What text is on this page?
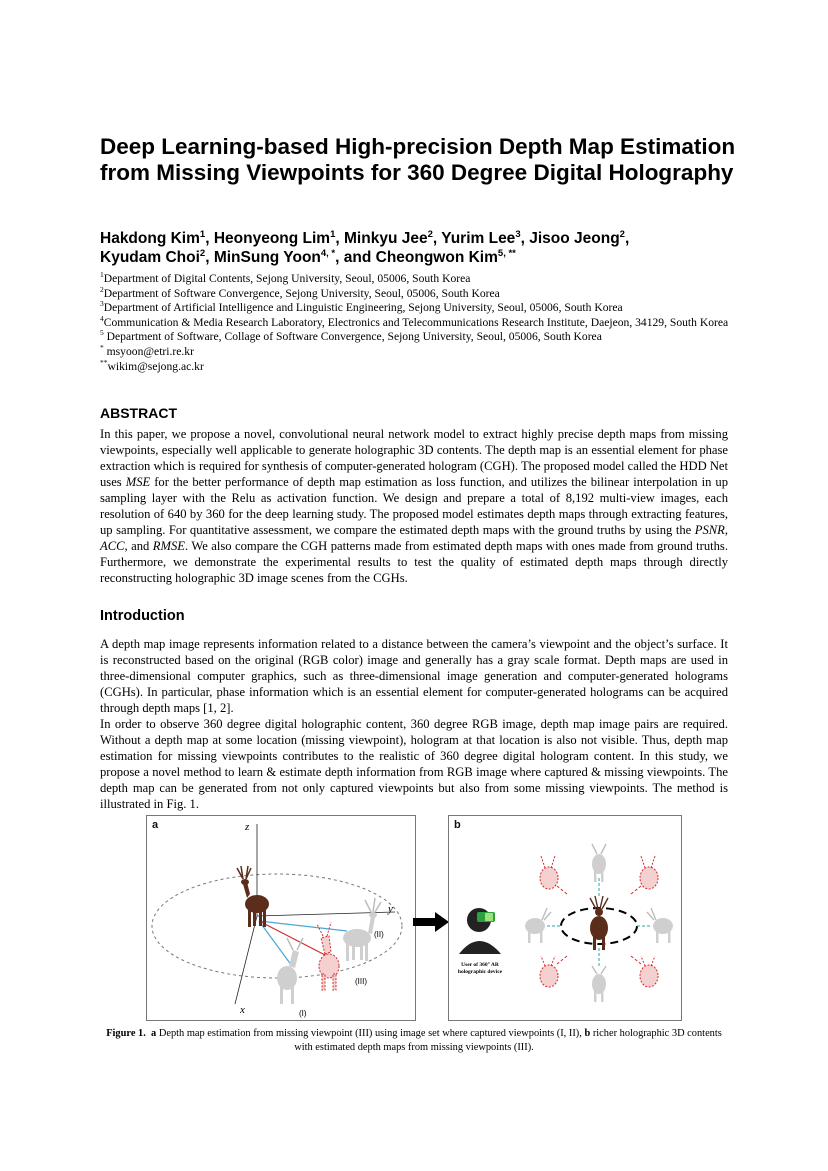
Deep Learning-based High-precision Depth Map Estimation from Missing Viewpoints for 360 Degree Digital Holography
Hakdong Kim$^1$, Heonyeong Lim$^1$, Minkyu Jee$^2$, Yurim Lee$^3$, Jisoo Jeong$^2$,
Kyudam Choi$^2$, MinSung Yoon$^{4, *}$, and Cheongwon Kim$^{5, **}$
$^1$Department of Digital Contents, Sejong University, Seoul, 05006, South Korea
$^2$Department of Software Convergence, Sejong University, Seoul, 05006, South Korea
$^3$Department of Artificial Intelligence and Linguistic Engineering, Sejong University, Seoul, 05006, South Korea
$^4$Communication & Media Research Laboratory, Electronics and Telecommunications Research Institute, Daejeon, 34129, South Korea
$^5$ Department of Software, Collage of Software Convergence, Sejong University, Seoul, 05006, South Korea
* msyoon@etri.re.kr
**wikim@sejong.ac.kr
ABSTRACT

In this paper, we propose a novel, convolutional neural network model to extract highly precise depth maps from missing viewpoints, especially well applicable to generate holographic 3D contents. The depth map is an essential element for phase extraction which is required for synthesis of computer-generated hologram (CGH). The proposed model called the HDD Net uses MSE for the better performance of depth map estimation as loss function, and utilizes the bilinear interpolation in up sampling layer with the Relu as activation function. We design and prepare a total of 8,192 multi-view images, each resolution of 640 by 360 for the deep learning study. The proposed model estimates depth maps through extracting features, up sampling. For quantitative assessment, we compare the estimated depth maps with the ground truths by using the PSNR, ACC, and RMSE. We also compare the CGH patterns made from estimated depth maps with ones made from ground truths. Furthermore, we demonstrate the experimental results to test the quality of estimated depth maps through directly reconstructing holographic 3D image scenes from the CGHs.

Introduction

A depth map image represents information related to a distance between the camera’s viewpoint and the object’s surface. It is reconstructed based on the original (RGB color) image and generally has a gray scale format. Depth maps are used in three-dimensional computer graphics, such as three-dimensional image generation and computer-generated holograms (CGHs). In particular, phase information which is an essential element for computer-generated holograms can be acquired through depth maps [1, 2].

In order to observe 360 degree digital holographic content, 360 degree RGB image, depth map image pairs are required. Without a depth map at some location (missing viewpoint), hologram at that location is also not visible. Thus, depth map estimation for missing viewpoints contributes to the realistic of 360 degree digital hologram content. In this study, we propose a novel method to learn & estimate depth information from RGB image where captured & missing viewpoints. The depth map can be generated from not only captured viewpoints but also from some missing viewpoints. The method is illustrated in Fig. 1.

a	z
y
x
(II)
(III)
(I)
b
User of 360° AR
holographic device
Figure 1. a Depth map estimation from missing viewpoint (III) using image set where captured viewpoints (I, II), b richer holographic 3D contents with estimated depth maps from missing viewpoints (III).
